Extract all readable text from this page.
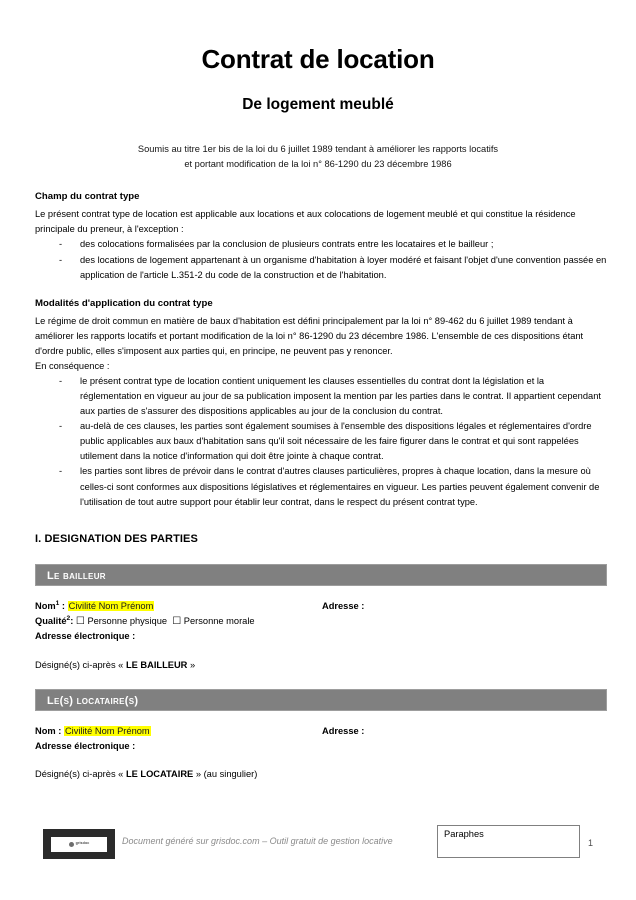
Contrat de location
De logement meublé

Soumis au titre 1er bis de la loi du 6 juillet 1989 tendant à améliorer les rapports locatifs
et portant modification de la loi n° 86-1290 du 23 décembre 1986

Champ du contrat type

Le présent contrat type de location est applicable aux locations et aux colocations de logement meublé et qui constitue la résidence principale du preneur, à l'exception :

- des colocations formalisées par la conclusion de plusieurs contrats entre les locataires et le bailleur ;
- des locations de logement appartenant à un organisme d'habitation à loyer modéré et faisant l'objet d'une convention passée en application de l'article L.351-2 du code de la construction et de l'habitation.

Modalités d'application du contrat type

Le régime de droit commun en matière de baux d'habitation est défini principalement par la loi n° 89-462 du 6 juillet 1989 tendant à améliorer les rapports locatifs et portant modification de la loi n° 86-1290 du 23 décembre 1986. L'ensemble de ces dispositions étant d'ordre public, elles s'imposent aux parties qui, en principe, ne peuvent pas y renoncer.

En conséquence :

- le présent contrat type de location contient uniquement les clauses essentielles du contrat dont la législation et la réglementation en vigueur au jour de sa publication imposent la mention par les parties dans le contrat. Il appartient cependant aux parties de s'assurer des dispositions applicables au jour de la conclusion du contrat.
- au-delà de ces clauses, les parties sont également soumises à l'ensemble des dispositions légales et réglementaires d'ordre public applicables aux baux d'habitation sans qu'il soit nécessaire de les faire figurer dans le contrat et qui sont rappelées utilement dans la notice d'information qui doit être jointe à chaque contrat.
- les parties sont libres de prévoir dans le contrat d'autres clauses particulières, propres à chaque location, dans la mesure où celles-ci sont conformes aux dispositions législatives et réglementaires en vigueur. Les parties peuvent également convenir de l'utilisation de tout autre support pour établir leur contrat, dans le respect du présent contrat type.

I. DESIGNATION DES PARTIES

Le bailleur
Nom$^1$ : Civilité Nom Prénom
Qualité$^2$: ☐ Personne physique ☐ Personne morale
Adresse électronique :
Adresse :
Désigné(s) ci-après « LE BAILLEUR »
Le(s) locataire(s)
Nom : Civilité Nom Prénom
Adresse électronique :
Adresse :
Désigné(s) ci-après « LE LOCATAIRE » (au singulier)
grisdoc	Document généré sur grisdoc.com – Outil gratuit de gestion locative
Paraphes
1
